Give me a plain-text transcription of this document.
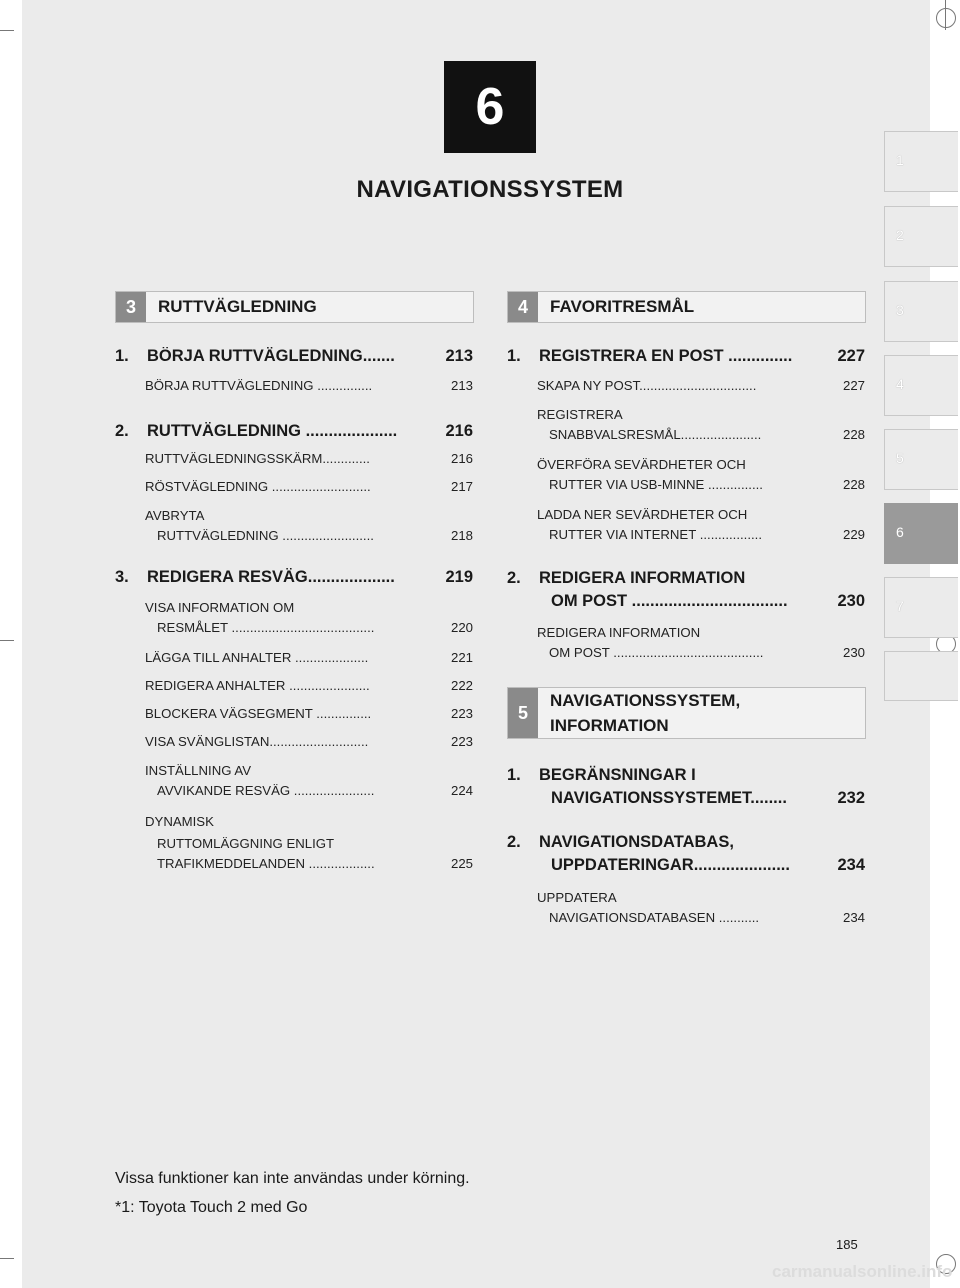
6
NAVIGATIONSSYSTEM
1
2
3
4
5
6
7
3	RUTTVÄGLEDNING
1.	BÖRJA RUTTVÄGLEDNING.......	213
BÖRJA RUTTVÄGLEDNING ...............	213
2.	RUTTVÄGLEDNING ....................	216
RUTTVÄGLEDNINGSSKÄRM.............	216
RÖSTVÄGLEDNING ...........................	217
AVBRYTA
RUTTVÄGLEDNING .........................	218
3.	REDIGERA RESVÄG...................	219
VISA INFORMATION OM
RESMÅLET .......................................	220
LÄGGA TILL ANHALTER ....................	221
REDIGERA ANHALTER ......................	222
BLOCKERA VÄGSEGMENT ...............	223
VISA SVÄNGLISTAN...........................	223
INSTÄLLNING AV
AVVIKANDE RESVÄG ......................	224
DYNAMISK
RUTTOMLÄGGNING ENLIGT
TRAFIKMEDDELANDEN ..................	225
4	FAVORITRESMÅL
1.	REGISTRERA EN POST ..............	227
SKAPA NY POST................................	227
REGISTRERA
SNABBVALSRESMÅL......................	228
ÖVERFÖRA SEVÄRDHETER OCH
RUTTER VIA USB-MINNE ...............	228
LADDA NER SEVÄRDHETER OCH
RUTTER VIA INTERNET .................	229
2.	REDIGERA INFORMATION
OM POST ..................................	230
REDIGERA INFORMATION
OM POST .........................................	230
1.	BEGRÄNSNINGAR I
NAVIGATIONSSYSTEMET........	232
2.	NAVIGATIONSDATABAS,
UPPDATERINGAR.....................	234
UPPDATERA
NAVIGATIONSDATABASEN ...........	234
5
NAVIGATIONSSYSTEM,
INFORMATION
Vissa funktioner kan inte användas under körning.
*1: Toyota Touch 2 med Go
185
carmanualsonline.info
